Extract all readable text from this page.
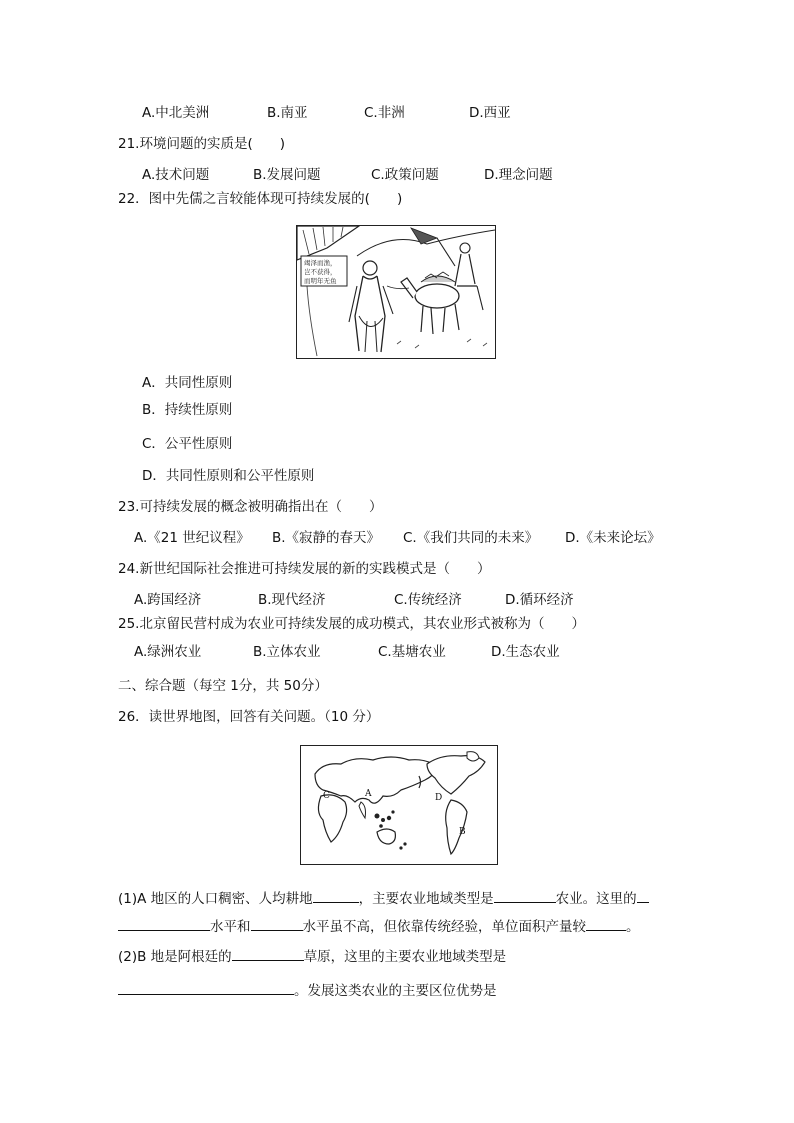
A.中北美洲	B.南亚	C.非洲	D.西亚
21.环境问题的实质是(　　)
A.技术问题	B.发展问题	C.政策问题	D.理念问题
22．图中先儒之言较能体现可持续发展的(　　)
竭泽而渔，
岂不获得，
而明年无鱼
A．共同性原则
B．持续性原则
C．公平性原则
D．共同性原则和公平性原则
23.可持续发展的概念被明确指出在（　　）
A.《21 世纪议程》 B.《寂静的春天》 C.《我们共同的未来》 D.《未来论坛》
24.新世纪国际社会推进可持续发展的新的实践模式是（　　）
A.跨国经济	B.现代经济	C.传统经济	D.循环经济
25.北京留民营村成为农业可持续发展的成功模式，其农业形式被称为（　　）
A.绿洲农业	B.立体农业	C.基塘农业	D.生态农业
二、综合题（每空 1分，共 50分）
26．读世界地图，回答有关问题。（10 分）
C	A	D
B
(1)A 地区的人口稠密、人均耕地	，主要农业地域类型是	农业。这里的
水平和	水平虽不高，但依靠传统经验，单位面积产量较	。
(2)B 地是阿根廷的	草原，这里的主要农业地域类型是
。发展这类农业的主要区位优势是
